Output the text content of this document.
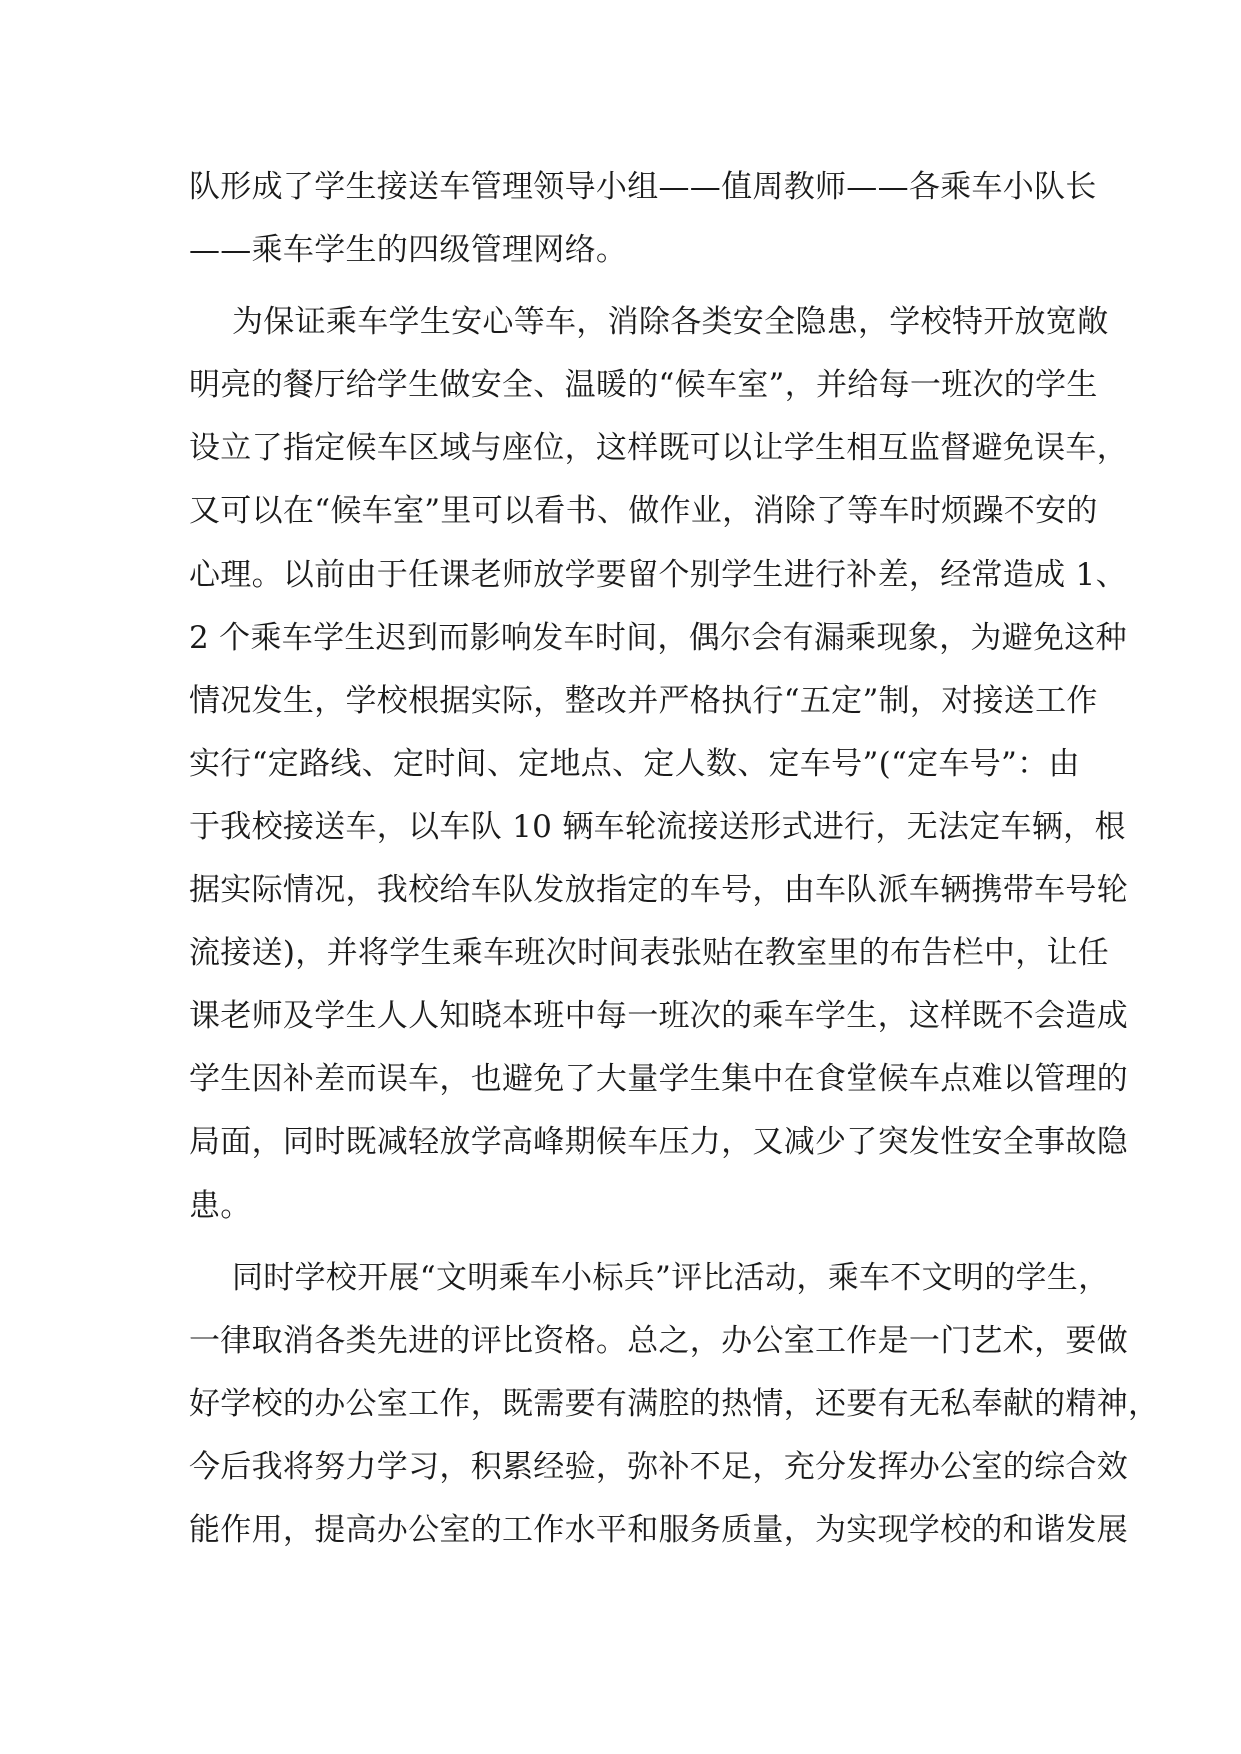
队形成了学生接送车管理领导小组——值周教师——各乘车小队长
——乘车学生的四级管理网络。
为保证乘车学生安心等车，消除各类安全隐患，学校特开放宽敞
明亮的餐厅给学生做安全、温暖的“候车室”，并给每一班次的学生
设立了指定候车区域与座位，这样既可以让学生相互监督避免误车，
又可以在“候车室”里可以看书、做作业，消除了等车时烦躁不安的
心理。以前由于任课老师放学要留个别学生进行补差，经常造成 1、
2 个乘车学生迟到而影响发车时间，偶尔会有漏乘现象，为避免这种
情况发生，学校根据实际，整改并严格执行“五定”制，对接送工作
实行“定路线、定时间、定地点、定人数、定车号”(“定车号”：由
于我校接送车，以车队 10 辆车轮流接送形式进行，无法定车辆，根
据实际情况，我校给车队发放指定的车号，由车队派车辆携带车号轮
流接送)，并将学生乘车班次时间表张贴在教室里的布告栏中，让任
课老师及学生人人知晓本班中每一班次的乘车学生，这样既不会造成
学生因补差而误车，也避免了大量学生集中在食堂候车点难以管理的
局面，同时既减轻放学高峰期候车压力，又减少了突发性安全事故隐
患。
同时学校开展“文明乘车小标兵”评比活动，乘车不文明的学生，
一律取消各类先进的评比资格。总之，办公室工作是一门艺术，要做
好学校的办公室工作，既需要有满腔的热情，还要有无私奉献的精神，
今后我将努力学习，积累经验，弥补不足，充分发挥办公室的综合效
能作用，提高办公室的工作水平和服务质量，为实现学校的和谐发展
